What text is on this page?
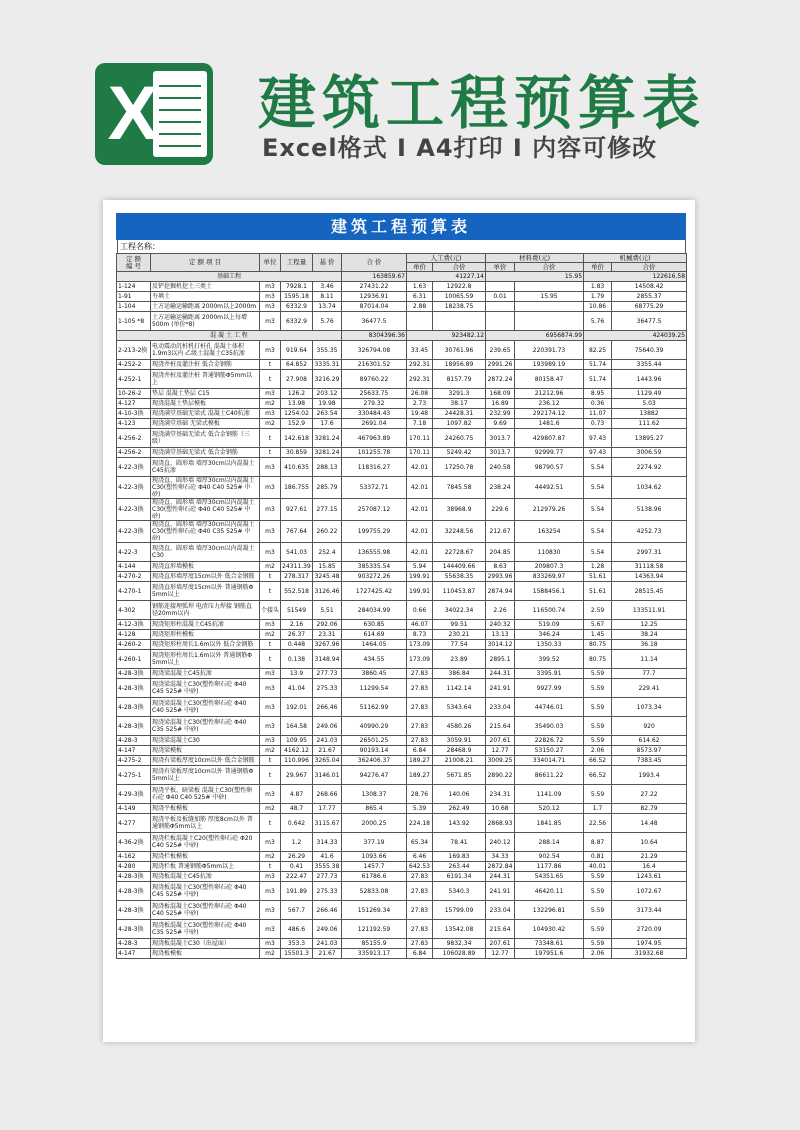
X 建筑工程预算表
Excel格式 I A4打印 I 内容可修改
建筑工程预算表
工程名称：
定 额
编 号	定 额 项 目	单位	工程量	基 价	合 价	人工费(元)		材料费(元)		机械费(元)	
						单价	合价	单价	合价	单价	合价
基础工程					163859.67	41227.14		15.95		122616.58	
1-124	反铲挖掘机挖土三类土	m3	7928.1	3.46	27431.22	1.63	12922.8			1.83	14508.42
1-91	夯填土	m3	1595.18	8.11	12936.91	6.31	10065.59	0.01	15.95	1.79	2855.37
1-104	土方运输运输距离 2000m以上2000m	m3	6332.9	13.74	87014.04	2.88	18238.75			10.86	68775.29
1-105 *8	土方运输运输距离 2000m以上每增
500m (单价*8)	m3	6332.9	5.76	36477.5					5.76	36477.5
混 凝 土 工 程					8304396.36	923482.12		6956874.99		424039.25	
2-213-2换	电动震动沉桩机打桩孔 混凝土体积
1.9m3以内 乙级土混凝土C35抗渗	m3	919.64	355.35	326794.08	33.45	30761.96	239.65	220391.73	82.25	75640.39
4-252-2	现浇井桩及灌注桩 低合金钢筋	t	64.852	3335.31	216301.52	292.31	18956.89	2991.26	193989.19	51.74	3355.44
4-252-1	现浇井桩及灌注桩 普通钢筋Φ5mm以
上	t	27.908	3216.29	89760.22	292.31	8157.79	2872.24	80158.47	51.74	1443.96
10-26-2	垫层 混凝土垫层 C15	m3	126.2	203.12	25633.75	26.08	3291.3	168.09	21212.96	8.95	1129.49
4-127	现浇混凝土垫层模板	m2	13.98	19.98	279.32	2.73	38.17	16.89	236.12	0.36	5.03
4-10-3换	现浇满堂基础无梁式 混凝土C40抗渗	m3	1254.02	263.54	330484.43	19.48	24428.31	232.99	292174.12	11.07	13882
4-123	现浇满堂基础 无梁式模板	m2	152.9	17.6	2691.04	7.18	1097.82	9.69	1481.6	0.73	111.62
4-256-2	现浇满堂基础无梁式 低合金钢筋（三
级）	t	142.618	3281.24	467963.89	170.11	24260.75	3013.7	429807.87	97.43	13895.27
4-256-2	现浇满堂基础无梁式 低合金钢筋	t	30.859	3281.24	101255.78	170.11	5249.42	3013.7	92999.77	97.43	3006.59
4-22-3换	现浇直、圆形墙 墙厚30cm以内混凝土
C45抗渗	m3	410.635	288.13	118316.27	42.01	17250.78	240.58	98790.57	5.54	2274.92
4-22-3换	现浇直、圆形墙 墙厚30cm以内混凝土
C30(塑性卵石砼 Φ40 C40 525# 中砂)	m3	186.755	285.79	53372.71	42.01	7845.58	238.24	44492.51	5.54	1034.62
4-22-3换	现浇直、圆形墙 墙厚30cm以内混凝土
C30(塑性卵石砼 Φ40 C40 525# 中砂)	m3	927.61	277.15	257087.12	42.01	38968.9	229.6	212979.26	5.54	5138.96
4-22-3换	现浇直、圆形墙 墙厚30cm以内混凝土
C30(塑性卵石砼 Φ40 C35 525# 中砂)	m3	767.64	260.22	199755.29	42.01	32248.56	212.67	163254	5.54	4252.73
4-22-3	现浇直、圆形墙 墙厚30cm以内混凝土
C30	m3	541.03	252.4	136555.98	42.01	22728.67	204.85	110830	5.54	2997.31
4-144	现浇直形墙模板	m2	24311.39	15.85	385335.54	5.94	144409.66	8.63	209807.3	1.28	31118.58
4-270-2	现浇直形墙厚度15cm以外 低合金钢筋	t	278.317	3245.48	903272.26	199.91	55638.35	2993.96	833269.97	51.61	14363.94
4-270-1	现浇直形墙厚度15cm以外 普通钢筋Φ
5mm以上	t	552.518	3126.46	1727425.42	199.91	110453.87	2874.94	1588456.1	51.61	28515.45
4-302	钢筋连接埋弧焊 电渣压力焊接 钢筋直
径20mm以内	个接头	51549	5.51	284034.99	0.66	34022.34	2.26	116500.74	2.59	133511.91
4-12-3换	现浇矩形柱混凝土C45抗渗	m3	2.16	292.06	630.85	46.07	99.51	240.32	519.09	5.67	12.25
4-128	现浇矩形柱模板	m2	26.37	23.31	614.69	8.73	230.21	13.13	346.24	1.45	38.24
4-260-2	现浇矩形柱周长1.6m以外 低合金钢筋	t	0.448	3267.96	1464.05	173.09	77.54	3014.12	1350.33	80.75	36.18
4-260-1	现浇矩形柱周长1.6m以外 普通钢筋Φ
5mm以上	t	0.138	3148.94	434.55	173.09	23.89	2895.1	399.52	80.75	11.14
4-28-3换	现浇梁混凝土C45抗渗	m3	13.9	277.73	3860.45	27.83	386.84	244.31	3395.91	5.59	77.7
4-28-3换	现浇梁混凝土C30(塑性卵石砼 Φ40
C45 525# 中砂)	m3	41.04	275.33	11299.54	27.83	1142.14	241.91	9927.99	5.59	229.41
4-28-3换	现浇梁混凝土C30(塑性卵石砼 Φ40
C40 525# 中砂)	m3	192.01	266.46	51162.99	27.83	5343.64	233.04	44746.01	5.59	1073.34
4-28-3换	现浇梁混凝土C30(塑性卵石砼 Φ40
C35 525# 中砂)	m3	164.58	249.06	40990.29	27.83	4580.26	215.64	35490.03	5.59	920
4-28-3	现浇梁混凝土C30	m3	109.95	241.03	26501.25	27.83	3059.91	207.61	22826.72	5.59	614.62
4-147	现浇梁模板	m2	4162.12	21.67	90193.14	6.84	28468.9	12.77	53150.27	2.06	8573.97
4-275-2	现浇有梁板厚度10cm以外 低合金钢筋	t	110.996	3265.04	362406.37	189.27	21008.21	3009.25	334014.71	66.52	7383.45
4-275-1	现浇有梁板厚度10cm以外 普通钢筋Φ
5mm以上	t	29.967	3146.01	94276.47	189.27	5671.85	2890.22	86611.22	66.52	1993.4
4-29-3换	现浇平板、暗梁板 混凝土C30(塑性卵
石砼 Φ40 C40 525# 中砂)	m3	4.87	268.66	1308.37	28.76	140.06	234.31	1141.09	5.59	27.22
4-149	现浇平板模板	m2	48.7	17.77	865.4	5.39	262.49	10.68	520.12	1.7	82.79
4-277	现浇平板及板缝加筋 厚度8cm以外 普
通钢筋Φ5mm以上	t	0.642	3115.67	2000.25	224.18	143.92	2868.93	1841.85	22.56	14.48
4-36-2换	现浇栏板混凝土C20(塑性卵石砼 Φ20
C40 525# 中砂)	m3	1.2	314.33	377.19	65.34	78.41	240.12	288.14	8.87	10.64
4-162	现浇栏板模板	m2	26.29	41.6	1093.66	6.46	169.83	34.33	902.54	0.81	21.29
4-280	现浇栏板 普通钢筋Φ5mm以上	t	0.41	3555.38	1457.7	642.53	263.44	2872.84	1177.86	40.01	16.4
4-28-3换	现浇板混凝土C45抗渗	m3	222.47	277.73	61786.6	27.83	6191.34	244.31	54351.65	5.59	1243.61
4-28-3换	现浇板混凝土C30(塑性卵石砼 Φ40
C45 525# 中砂)	m3	191.89	275.33	52833.08	27.83	5340.3	241.91	46420.11	5.59	1072.67
4-28-3换	现浇板混凝土C30(塑性卵石砼 Φ40
C40 525# 中砂)	m3	567.7	266.46	151269.34	27.83	15799.09	233.04	132296.81	5.59	3173.44
4-28-3换	现浇板混凝土C30(塑性卵石砼 Φ40
C35 525# 中砂)	m3	486.6	249.06	121192.59	27.83	13542.08	215.64	104930.42	5.59	2720.09
4-28-3	现浇板混凝土C30（出屋面）	m3	353.3	241.03	85155.9	27.83	9832.34	207.61	73348.61	5.59	1974.95
4-147	现浇板模板	m2	15501.3	21.67	335913.17	6.84	106028.89	12.77	197951.6	2.06	31932.68
